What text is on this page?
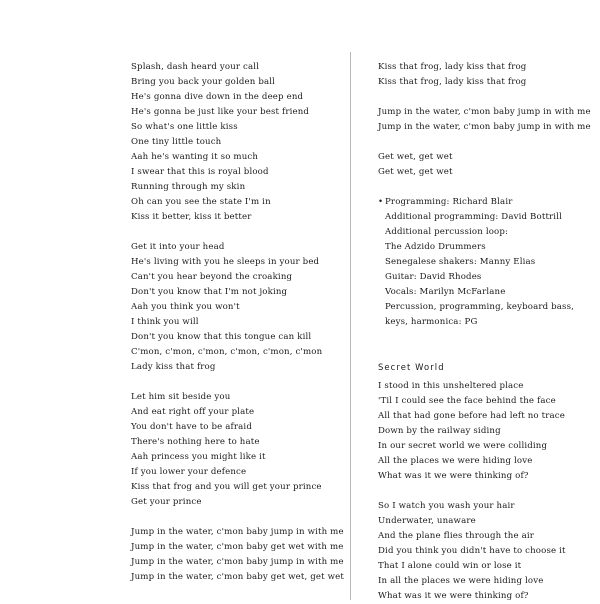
Splash, dash heard your call
Bring you back your golden ball
He's gonna dive down in the deep end
He's gonna be just like your best friend
So what's one little kiss
One tiny little touch
Aah he's wanting it so much
I swear that this is royal blood
Running through my skin
Oh can you see the state I'm in
Kiss it better, kiss it better
Get it into your head
He's living with you he sleeps in your bed
Can't you hear beyond the croaking
Don't you know that I'm not joking
Aah you think you won't
I think you will
Don't you know that this tongue can kill
C'mon, c'mon, c'mon, c'mon, c'mon, c'mon
Lady kiss that frog
Let him sit beside you
And eat right off your plate
You don't have to be afraid
There's nothing here to hate
Aah princess you might like it
If you lower your defence
Kiss that frog and you will get your prince
Get your prince
Jump in the water, c'mon baby jump in with me
Jump in the water, c'mon baby get wet with me
Jump in the water, c'mon baby jump in with me
Jump in the water, c'mon baby get wet, get wet
Kiss that frog, lady kiss that frog
Kiss that frog, lady kiss that frog
Jump in the water, c'mon baby jump in with me
Jump in the water, c'mon baby jump in with me
Get wet, get wet
Get wet, get wet
• Programming: Richard Blair
Additional programming: David Bottrill
Additional percussion loop:
The Adzido Drummers
Senegalese shakers: Manny Elias
Guitar: David Rhodes
Vocals: Marilyn McFarlane
Percussion, programming, keyboard bass,
keys, harmonica: PG
Secret World
I stood in this unsheltered place
'Til I could see the face behind the face
All that had gone before had left no trace
Down by the railway siding
In our secret world we were colliding
All the places we were hiding love
What was it we were thinking of?
So I watch you wash your hair
Underwater, unaware
And the plane flies through the air
Did you think you didn't have to choose it
That I alone could win or lose it
In all the places we were hiding love
What was it we were thinking of?
